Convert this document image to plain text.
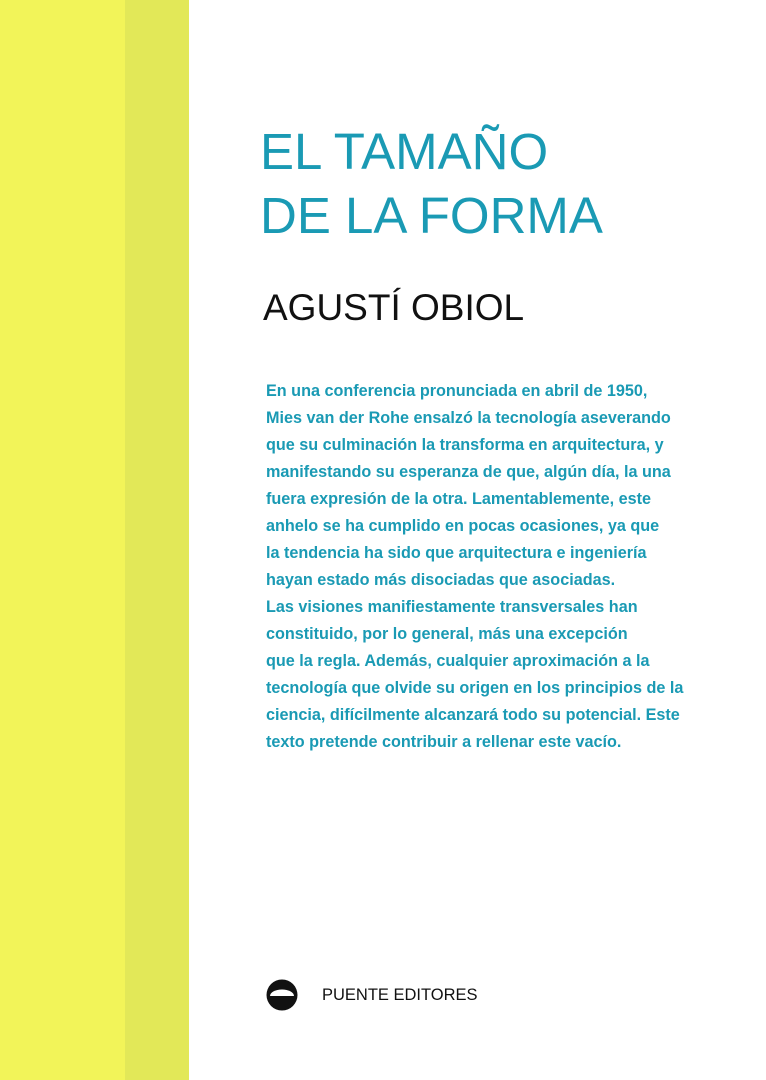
EL TAMAÑO
DE LA FORMA
AGUSTÍ OBIOL
En una conferencia pronunciada en abril de 1950,
Mies van der Rohe ensalzó la tecnología aseverando
que su culminación la transforma en arquitectura, y
manifestando su esperanza de que, algún día, la una
fuera expresión de la otra. Lamentablemente, este
anhelo se ha cumplido en pocas ocasiones, ya que
la tendencia ha sido que arquitectura e ingeniería
hayan estado más disociadas que asociadas.
Las visiones manifiestamente transversales han
constituido, por lo general, más una excepción
que la regla. Además, cualquier aproximación a la
tecnología que olvide su origen en los principios de la
ciencia, difícilmente alcanzará todo su potencial. Este
texto pretende contribuir a rellenar este vacío.
PUENTE EDITORES
